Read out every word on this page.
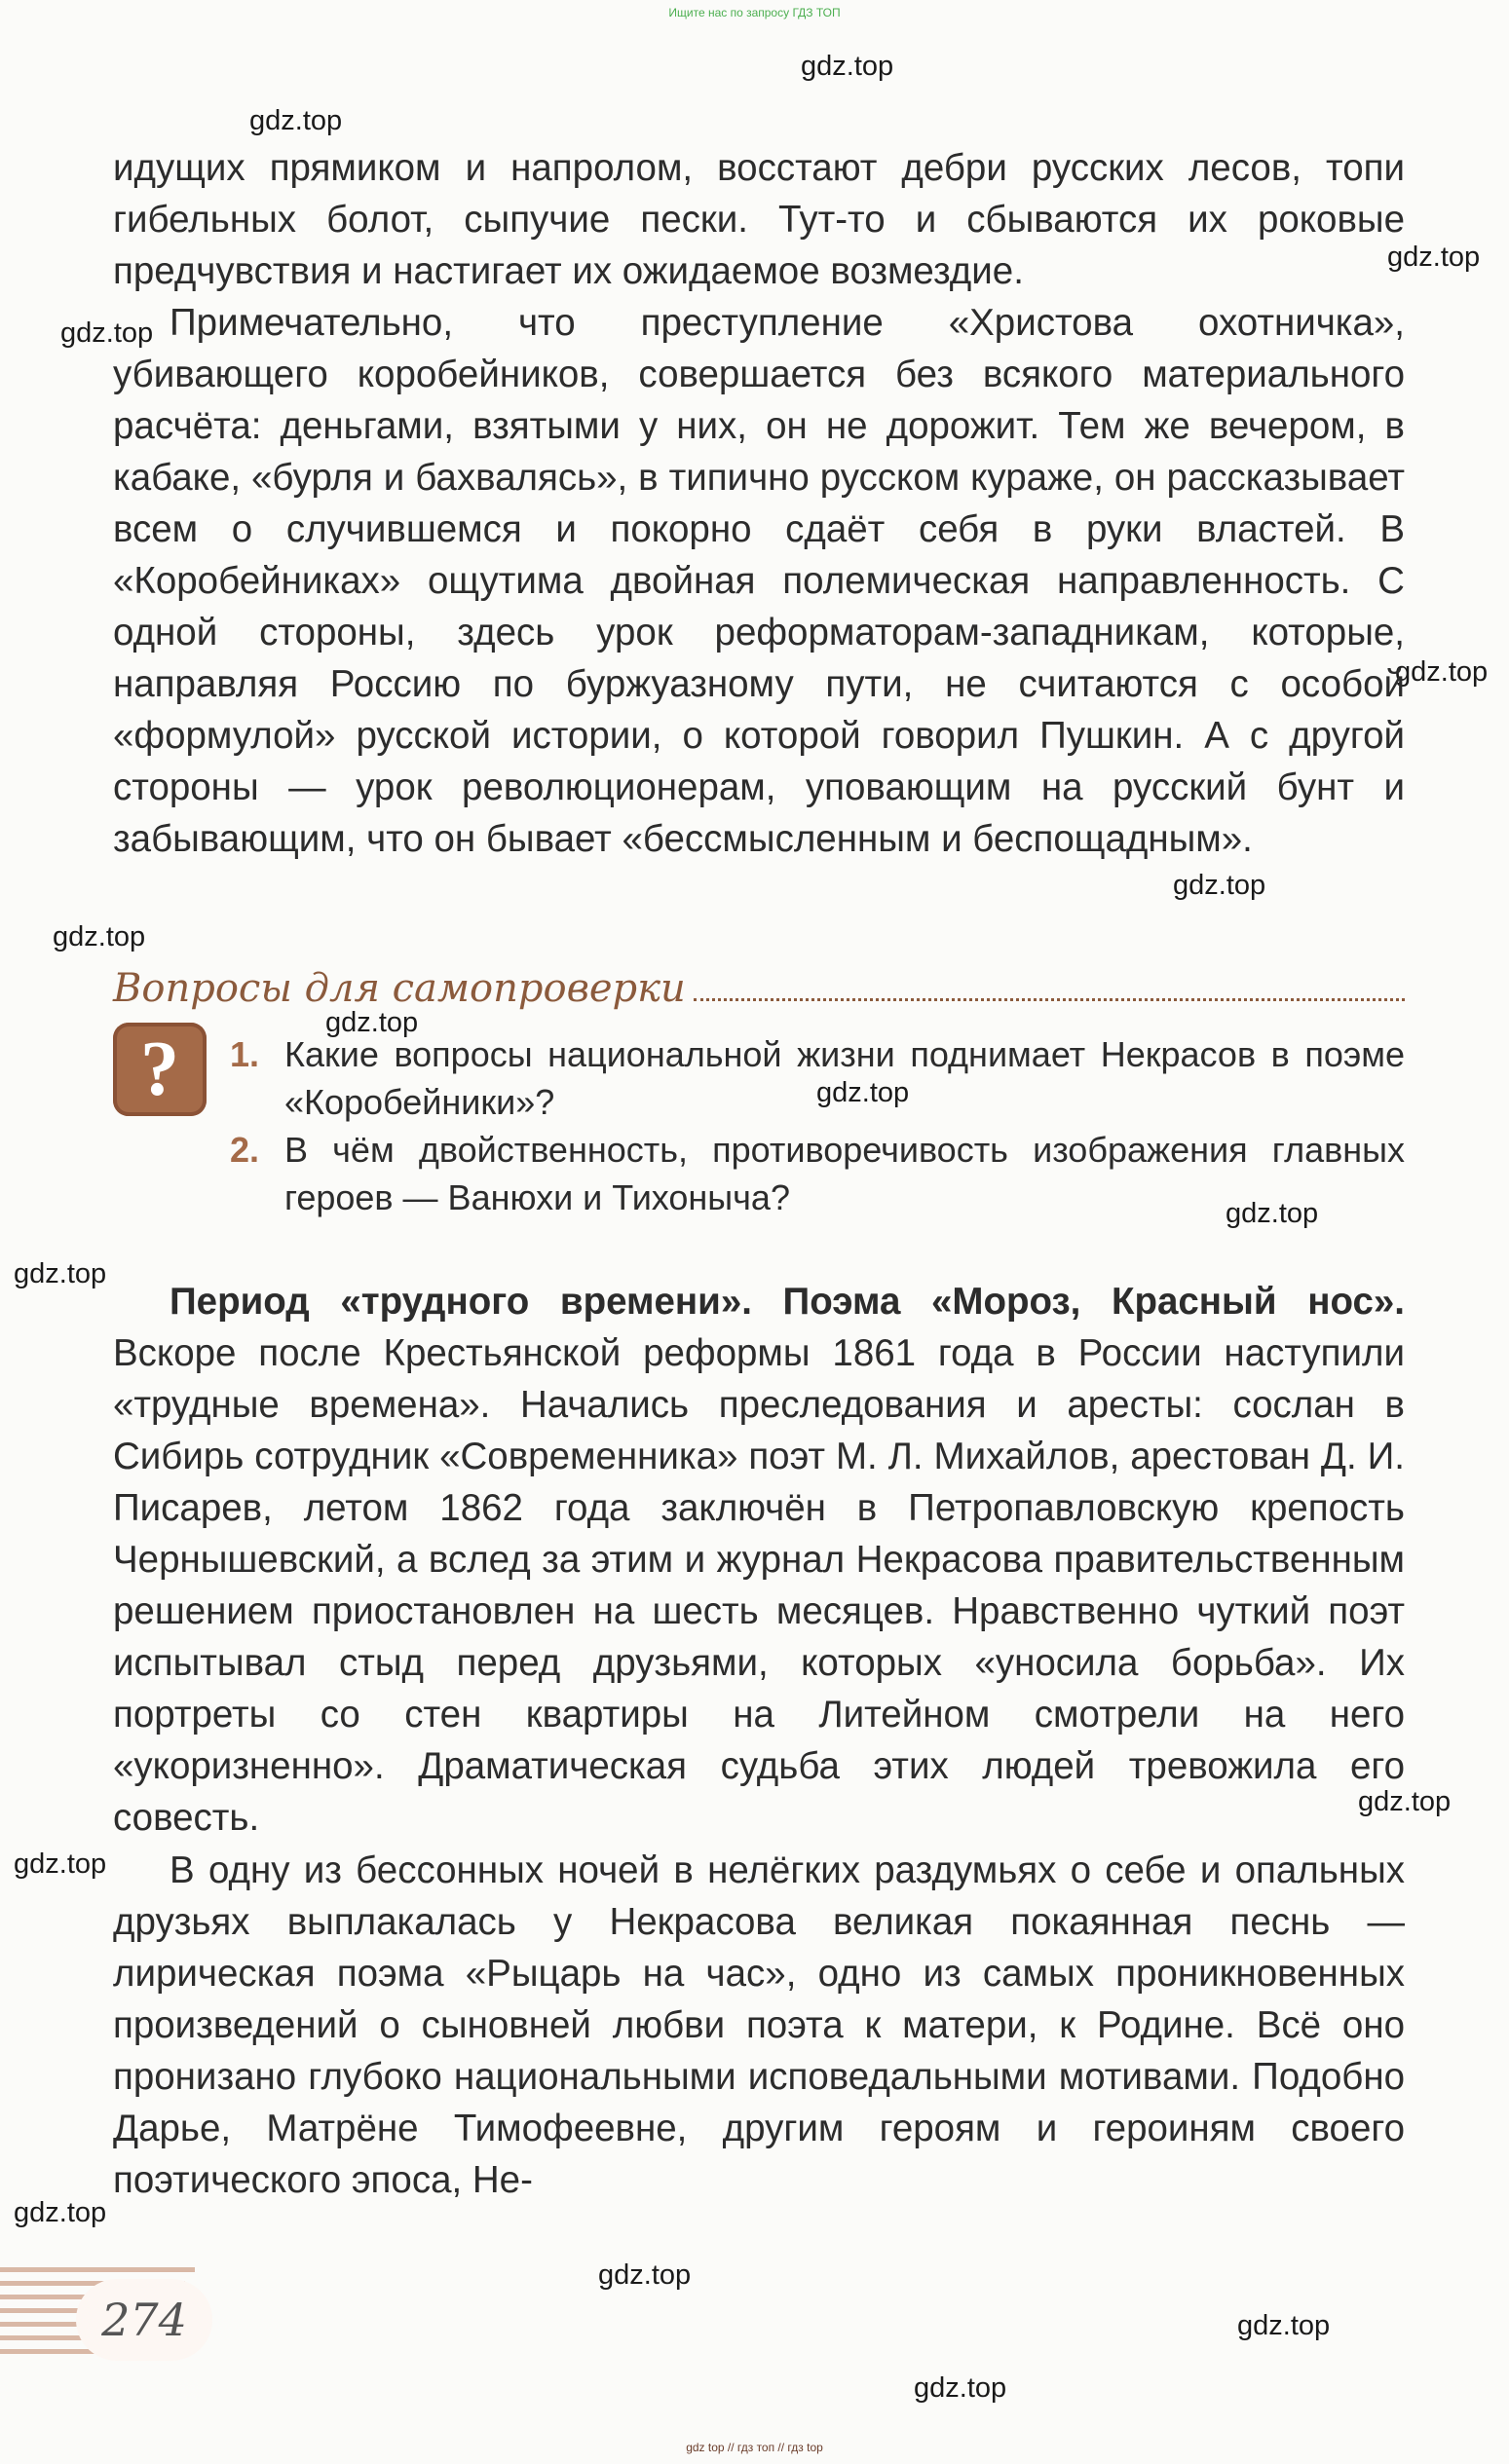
Ищите нас по запросу ГДЗ ТОП
gdz.top
gdz.top
gdz.top
gdz.top
gdz.top
gdz.top
gdz.top
gdz.top
gdz.top
gdz.top
gdz.top
gdz.top
gdz.top
gdz.top
gdz.top
gdz.top
gdz.top

идущих прямиком и напролом, восстают дебри русских лесов, топи гибельных болот, сыпучие пески. Тут-то и сбываются их роковые предчувствия и настигает их ожидаемое возмездие.

Примечательно, что преступление «Христова охотничка», убивающего коробейников, совершается без всякого материального расчёта: деньгами, взятыми у них, он не дорожит. Тем же вечером, в кабаке, «бурля и бахвалясь», в типично русском кураже, он рассказывает всем о случившемся и покорно сдаёт себя в руки властей. В «Коробейниках» ощутима двойная полемическая направленность. С одной стороны, здесь урок реформаторам-западникам, которые, направляя Россию по буржуазному пути, не считаются с особой «формулой» русской истории, о которой говорил Пушкин. А с другой стороны — урок революционерам, уповающим на русский бунт и забывающим, что он бывает «бессмысленным и беспощадным».

Вопросы для самопроверки
?	1. Какие вопросы национальной жизни поднимает Некрасов в поэме «Коробейники»?
2. В чём двойственность, противоречивость изображения главных героев — Ванюхи и Тихоныча?

Период «трудного времени». Поэма «Мороз, Красный нос». Вскоре после Крестьянской реформы 1861 года в России наступили «трудные времена». Начались преследования и аресты: сослан в Сибирь сотрудник «Современника» поэт М. Л. Михайлов, арестован Д. И. Писарев, летом 1862 года заключён в Петропавловскую крепость Чернышевский, а вслед за этим и журнал Некрасова правительственным решением приостановлен на шесть месяцев. Нравственно чуткий поэт испытывал стыд перед друзьями, которых «уносила борьба». Их портреты со стен квартиры на Литейном смотрели на него «укоризненно». Драматическая судьба этих людей тревожила его совесть.

В одну из бессонных ночей в нелёгких раздумьях о себе и опальных друзьях выплакалась у Некрасова великая покаянная песнь — лирическая поэма «Рыцарь на час», одно из самых проникновенных произведений о сыновней любви поэта к матери, к Родине. Всё оно пронизано глубоко национальными исповедальными мотивами. Подобно Дарье, Матрёне Тимофеевне, другим героям и героиням своего поэтического эпоса, Не-

274
gdz top // гдз топ // гдз top
